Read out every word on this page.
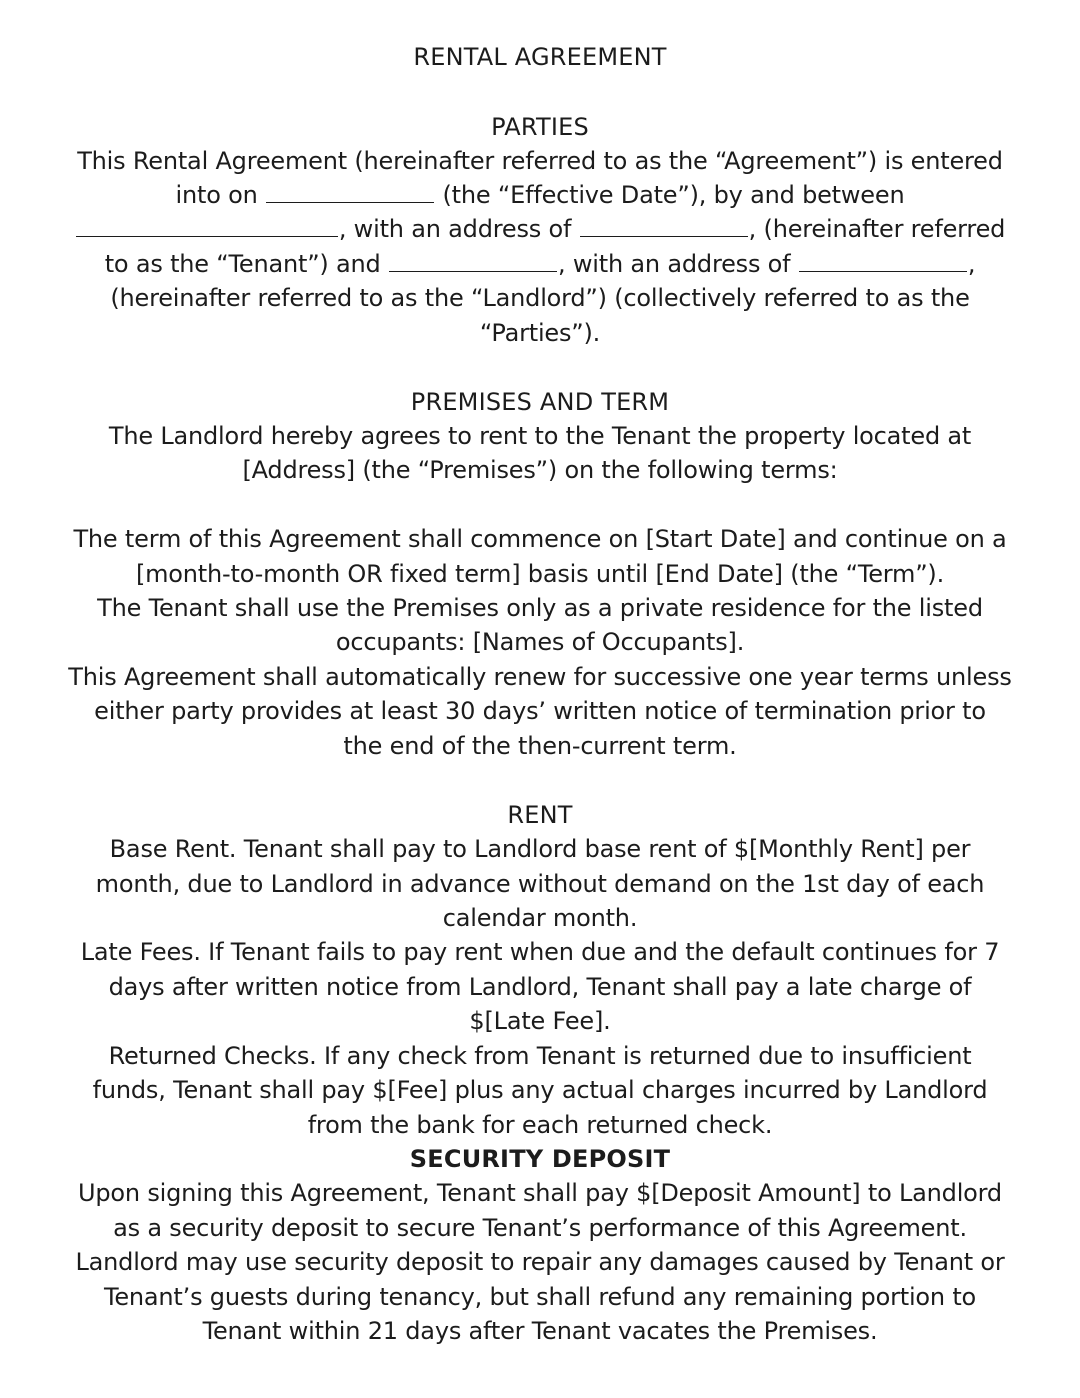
RENTAL AGREEMENT
PARTIES
This Rental Agreement (hereinafter referred to as the “Agreement”) is entered
into on	(the “Effective Date”), by and between
, with an address of	, (hereinafter referred
to as the “Tenant”) and	, with an address of	,
(hereinafter referred to as the “Landlord”) (collectively referred to as the
“Parties”).
PREMISES AND TERM
The Landlord hereby agrees to rent to the Tenant the property located at
[Address] (the “Premises”) on the following terms:
The term of this Agreement shall commence on [Start Date] and continue on a
[month-to-month OR fixed term] basis until [End Date] (the “Term”).
The Tenant shall use the Premises only as a private residence for the listed
occupants: [Names of Occupants].
This Agreement shall automatically renew for successive one year terms unless
either party provides at least 30 days’ written notice of termination prior to
the end of the then-current term.
RENT
Base Rent. Tenant shall pay to Landlord base rent of $[Monthly Rent] per
month, due to Landlord in advance without demand on the 1st day of each
calendar month.
Late Fees. If Tenant fails to pay rent when due and the default continues for 7
days after written notice from Landlord, Tenant shall pay a late charge of
$[Late Fee].
Returned Checks. If any check from Tenant is returned due to insufficient
funds, Tenant shall pay $[Fee] plus any actual charges incurred by Landlord
from the bank for each returned check.
SECURITY DEPOSIT
Upon signing this Agreement, Tenant shall pay $[Deposit Amount] to Landlord
as a security deposit to secure Tenant’s performance of this Agreement.
Landlord may use security deposit to repair any damages caused by Tenant or
Tenant’s guests during tenancy, but shall refund any remaining portion to
Tenant within 21 days after Tenant vacates the Premises.
